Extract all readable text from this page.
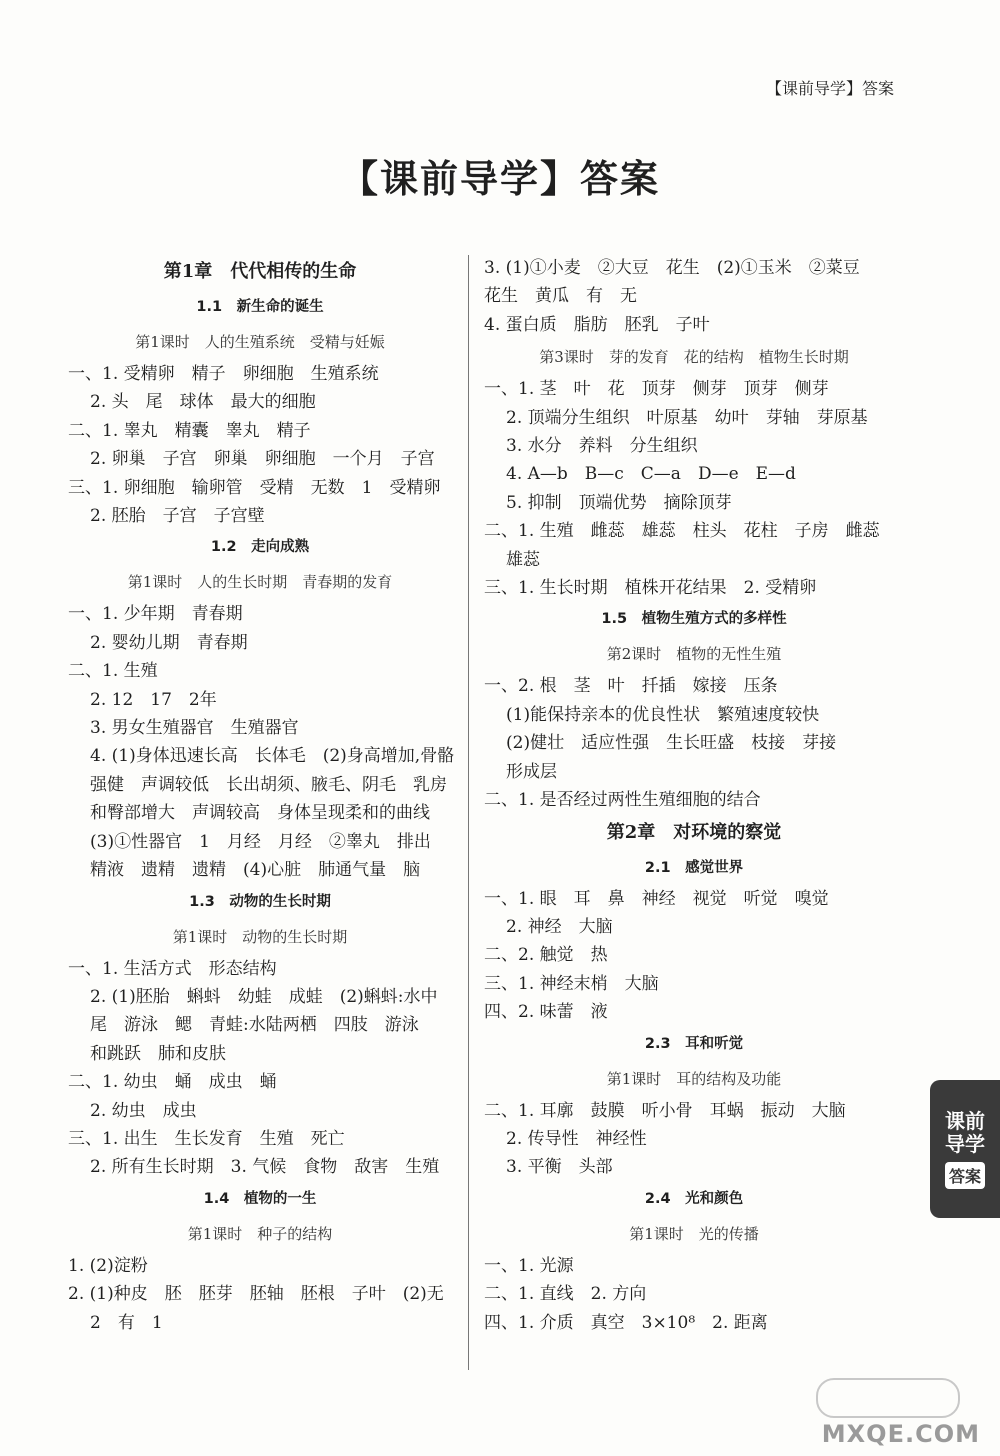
【课前导学】答案
【课前导学】答案
第1章　代代相传的生命
1.1　新生命的诞生
第1课时　人的生殖系统　受精与妊娠
一、1. 受精卵　精子　卵细胞　生殖系统
2. 头　尾　球体　最大的细胞
二、1. 睾丸　精囊　睾丸　精子
2. 卵巢　子宫　卵巢　卵细胞　一个月　子宫
三、1. 卵细胞　输卵管　受精　无数　1　受精卵
2. 胚胎　子宫　子宫壁
1.2　走向成熟
第1课时　人的生长时期　青春期的发育
一、1. 少年期　青春期
2. 婴幼儿期　青春期
二、1. 生殖
2. 12　17　2年
3. 男女生殖器官　生殖器官
4. (1)身体迅速长高　长体毛　(2)身高增加,骨骼
强健　声调较低　长出胡须、腋毛、阴毛　乳房
和臀部增大　声调较高　身体呈现柔和的曲线
(3)①性器官　1　月经　月经　②睾丸　排出
精液　遗精　遗精　(4)心脏　肺通气量　脑
1.3　动物的生长时期
第1课时　动物的生长时期
一、1. 生活方式　形态结构
2. (1)胚胎　蝌蚪　幼蛙　成蛙　(2)蝌蚪:水中
尾　游泳　鳃　青蛙:水陆两栖　四肢　游泳
和跳跃　肺和皮肤
二、1. 幼虫　蛹　成虫　蛹
2. 幼虫　成虫
三、1. 出生　生长发育　生殖　死亡
2. 所有生长时期　3. 气候　食物　敌害　生殖
1.4　植物的一生
第1课时　种子的结构
1. (2)淀粉
2. (1)种皮　胚　胚芽　胚轴　胚根　子叶　(2)无
2　有　1
3. (1)①小麦　②大豆　花生　(2)①玉米　②菜豆
花生　黄瓜　有　无
4. 蛋白质　脂肪　胚乳　子叶
第3课时　芽的发育　花的结构　植物生长时期
一、1. 茎　叶　花　顶芽　侧芽　顶芽　侧芽
2. 顶端分生组织　叶原基　幼叶　芽轴　芽原基
3. 水分　养料　分生组织
4. A—b　B—c　C—a　D—e　E—d
5. 抑制　顶端优势　摘除顶芽
二、1. 生殖　雌蕊　雄蕊　柱头　花柱　子房　雌蕊
雄蕊
三、1. 生长时期　植株开花结果　2. 受精卵
1.5　植物生殖方式的多样性
第2课时　植物的无性生殖
一、2. 根　茎　叶　扦插　嫁接　压条
(1)能保持亲本的优良性状　繁殖速度较快
(2)健壮　适应性强　生长旺盛　枝接　芽接
形成层
二、1. 是否经过两性生殖细胞的结合
第2章　对环境的察觉
2.1　感觉世界
一、1. 眼　耳　鼻　神经　视觉　听觉　嗅觉
2. 神经　大脑
二、2. 触觉　热
三、1. 神经末梢　大脑
四、2. 味蕾　液
2.3　耳和听觉
第1课时　耳的结构及功能
二、1. 耳廓　鼓膜　听小骨　耳蜗　振动　大脑
2. 传导性　神经性
3. 平衡　头部
2.4　光和颜色
第1课时　光的传播
一、1. 光源
二、1. 直线　2. 方向
四、1. 介质　真空　3×10⁸　2. 距离
课前导学
答案
MXQE.COM
